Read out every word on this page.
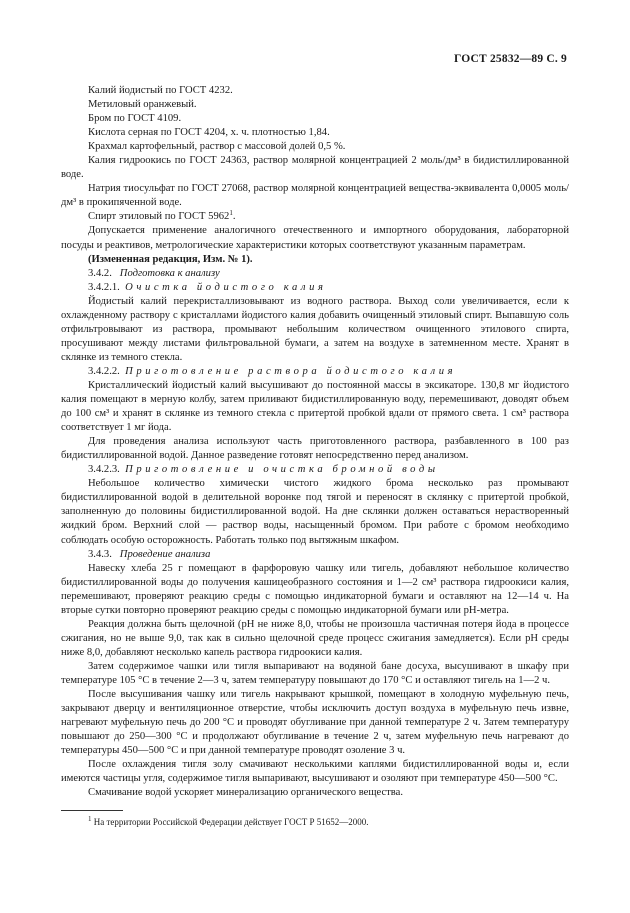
ГОСТ 25832—89 С. 9

Калий йодистый по ГОСТ 4232.

Метиловый оранжевый.

Бром по ГОСТ 4109.

Кислота серная по ГОСТ 4204, х. ч. плотностью 1,84.

Крахмал картофельный, раствор с массовой долей 0,5 %.

Калия гидроокись по ГОСТ 24363, раствор молярной концентрацией 2 моль/дм³ в бидистиллированной воде.

Натрия тиосульфат по ГОСТ 27068, раствор молярной концентрацией вещества-эквивалента 0,0005 моль/дм³ в прокипяченной воде.

Спирт этиловый по ГОСТ 5962$^1$.

Допускается применение аналогичного отечественного и импортного оборудования, лабораторной посуды и реактивов, метрологические характеристики которых соответствуют указанным параметрам.

(Измененная редакция, Изм. № 1).

3.4.2. Подготовка к анализу

3.4.2.1. Очистка йодистого калия

Йодистый калий перекристаллизовывают из водного раствора. Выход соли увеличивается, если к охлажденному раствору с кристаллами йодистого калия добавить очищенный этиловый спирт. Выпавшую соль отфильтровывают из раствора, промывают небольшим количеством очищенного этилового спирта, просушивают между листами фильтровальной бумаги, а затем на воздухе в затемненном месте. Хранят в склянке из темного стекла.

3.4.2.2. Приготовление раствора йодистого калия

Кристаллический йодистый калий высушивают до постоянной массы в эксикаторе. 130,8 мг йодистого калия помещают в мерную колбу, затем приливают бидистиллированную воду, перемешивают, доводят объем до 100 см³ и хранят в склянке из темного стекла с притертой пробкой вдали от прямого света. 1 см³ раствора соответствует 1 мг йода.

Для проведения анализа используют часть приготовленного раствора, разбавленного в 100 раз бидистиллированной водой. Данное разведение готовят непосредственно перед анализом.

3.4.2.3. Приготовление и очистка бромной воды

Небольшое количество химически чистого жидкого брома несколько раз промывают бидистиллированной водой в делительной воронке под тягой и переносят в склянку с притертой пробкой, заполненную до половины бидистиллированной водой. На дне склянки должен оставаться нерастворенный жидкий бром. Верхний слой — раствор воды, насыщенный бромом. При работе с бромом необходимо соблюдать особую осторожность. Работать только под вытяжным шкафом.

3.4.3. Проведение анализа

Навеску хлеба 25 г помещают в фарфоровую чашку или тигель, добавляют небольшое количество бидистиллированной воды до получения кашицеобразного состояния и 1—2 см³ раствора гидроокиси калия, перемешивают, проверяют реакцию среды с помощью индикаторной бумаги и оставляют на 12—14 ч. На вторые сутки повторно проверяют реакцию среды с помощью индикаторной бумаги или pH-метра.

Реакция должна быть щелочной (pH не ниже 8,0, чтобы не произошла частичная потеря йода в процессе сжигания, но не выше 9,0, так как в сильно щелочной среде процесс сжигания замедляется). Если pH среды ниже 8,0, добавляют несколько капель раствора гидроокиси калия.

Затем содержимое чашки или тигля выпаривают на водяной бане досуха, высушивают в шкафу при температуре 105 °С в течение 2—3 ч, затем температуру повышают до 170 °С и оставляют тигель на 1—2 ч.

После высушивания чашку или тигель накрывают крышкой, помещают в холодную муфельную печь, закрывают дверцу и вентиляционное отверстие, чтобы исключить доступ воздуха в муфельную печь извне, нагревают муфельную печь до 200 °С и проводят обугливание при данной температуре 2 ч. Затем температуру повышают до 250—300 °С и продолжают обугливание в течение 2 ч, затем муфельную печь нагревают до температуры 450—500 °С и при данной температуре проводят озоление 3 ч.

После охлаждения тигля золу смачивают несколькими каплями бидистиллированной воды и, если имеются частицы угля, содержимое тигля выпаривают, высушивают и озоляют при температуре 450—500 °С.

Смачивание водой ускоряет минерализацию органического вещества.

$^1$ На территории Российской Федерации действует ГОСТ Р 51652—2000.
